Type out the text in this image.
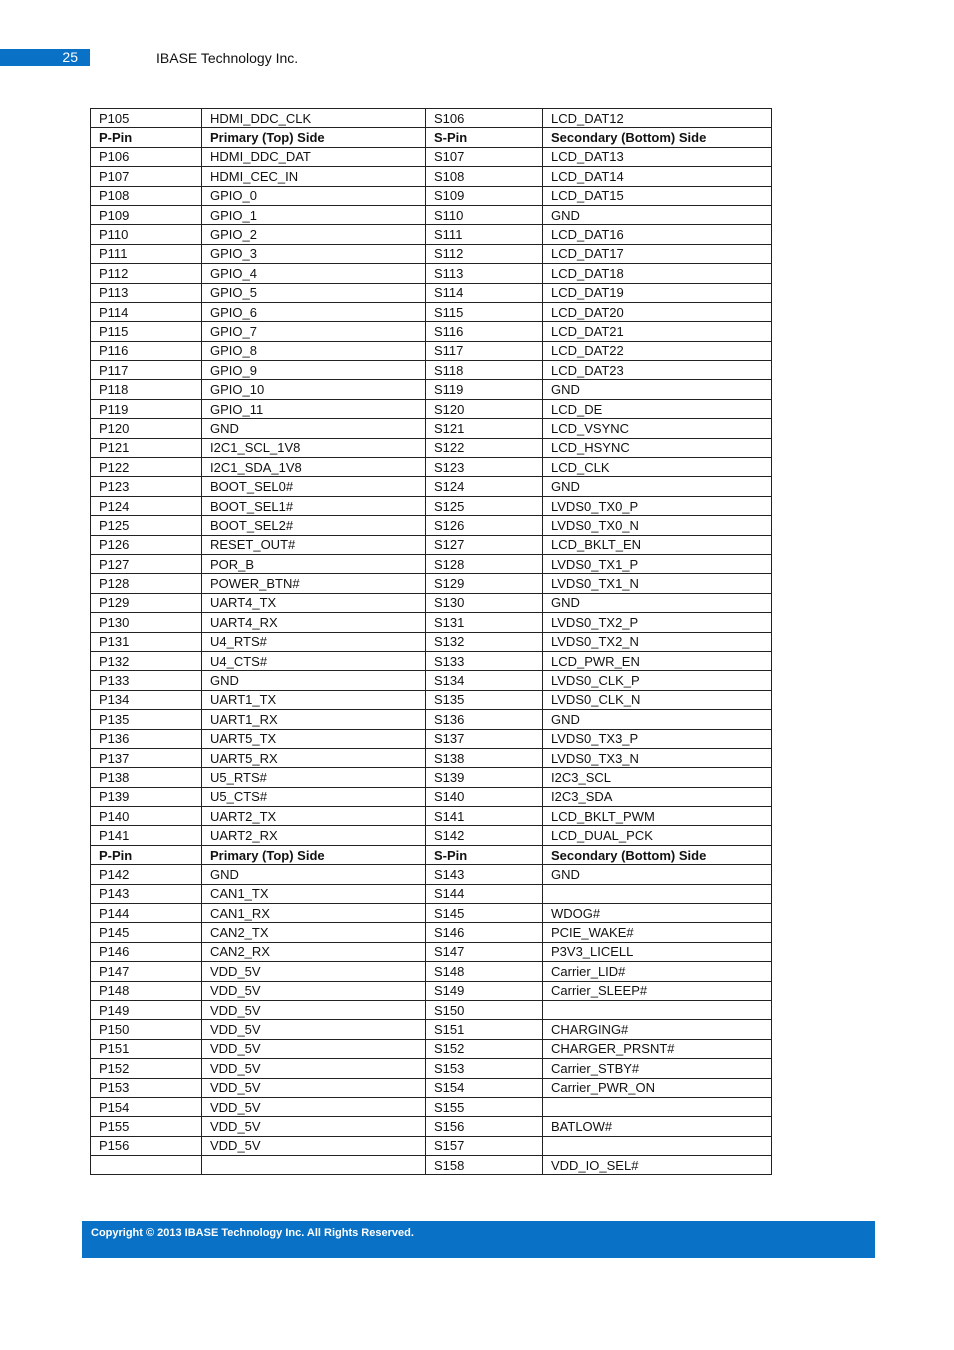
25	IBASE Technology Inc.
P105	HDMI_DDC_CLK	S106	LCD_DAT12
P-Pin	Primary (Top) Side	S-Pin	Secondary (Bottom) Side
P106	HDMI_DDC_DAT	S107	LCD_DAT13
P107	HDMI_CEC_IN	S108	LCD_DAT14
P108	GPIO_0	S109	LCD_DAT15
P109	GPIO_1	S110	GND
P110	GPIO_2	S111	LCD_DAT16
P111	GPIO_3	S112	LCD_DAT17
P112	GPIO_4	S113	LCD_DAT18
P113	GPIO_5	S114	LCD_DAT19
P114	GPIO_6	S115	LCD_DAT20
P115	GPIO_7	S116	LCD_DAT21
P116	GPIO_8	S117	LCD_DAT22
P117	GPIO_9	S118	LCD_DAT23
P118	GPIO_10	S119	GND
P119	GPIO_11	S120	LCD_DE
P120	GND	S121	LCD_VSYNC
P121	I2C1_SCL_1V8	S122	LCD_HSYNC
P122	I2C1_SDA_1V8	S123	LCD_CLK
P123	BOOT_SEL0#	S124	GND
P124	BOOT_SEL1#	S125	LVDS0_TX0_P
P125	BOOT_SEL2#	S126	LVDS0_TX0_N
P126	RESET_OUT#	S127	LCD_BKLT_EN
P127	POR_B	S128	LVDS0_TX1_P
P128	POWER_BTN#	S129	LVDS0_TX1_N
P129	UART4_TX	S130	GND
P130	UART4_RX	S131	LVDS0_TX2_P
P131	U4_RTS#	S132	LVDS0_TX2_N
P132	U4_CTS#	S133	LCD_PWR_EN
P133	GND	S134	LVDS0_CLK_P
P134	UART1_TX	S135	LVDS0_CLK_N
P135	UART1_RX	S136	GND
P136	UART5_TX	S137	LVDS0_TX3_P
P137	UART5_RX	S138	LVDS0_TX3_N
P138	U5_RTS#	S139	I2C3_SCL
P139	U5_CTS#	S140	I2C3_SDA
P140	UART2_TX	S141	LCD_BKLT_PWM
P141	UART2_RX	S142	LCD_DUAL_PCK
P-Pin	Primary (Top) Side	S-Pin	Secondary (Bottom) Side
P142	GND	S143	GND
P143	CAN1_TX	S144	
P144	CAN1_RX	S145	WDOG#
P145	CAN2_TX	S146	PCIE_WAKE#
P146	CAN2_RX	S147	P3V3_LICELL
P147	VDD_5V	S148	Carrier_LID#
P148	VDD_5V	S149	Carrier_SLEEP#
P149	VDD_5V	S150	
P150	VDD_5V	S151	CHARGING#
P151	VDD_5V	S152	CHARGER_PRSNT#
P152	VDD_5V	S153	Carrier_STBY#
P153	VDD_5V	S154	Carrier_PWR_ON
P154	VDD_5V	S155	
P155	VDD_5V	S156	BATLOW#
P156	VDD_5V	S157	
		S158	VDD_IO_SEL#
Copyright © 2013 IBASE Technology Inc. All Rights Reserved.
